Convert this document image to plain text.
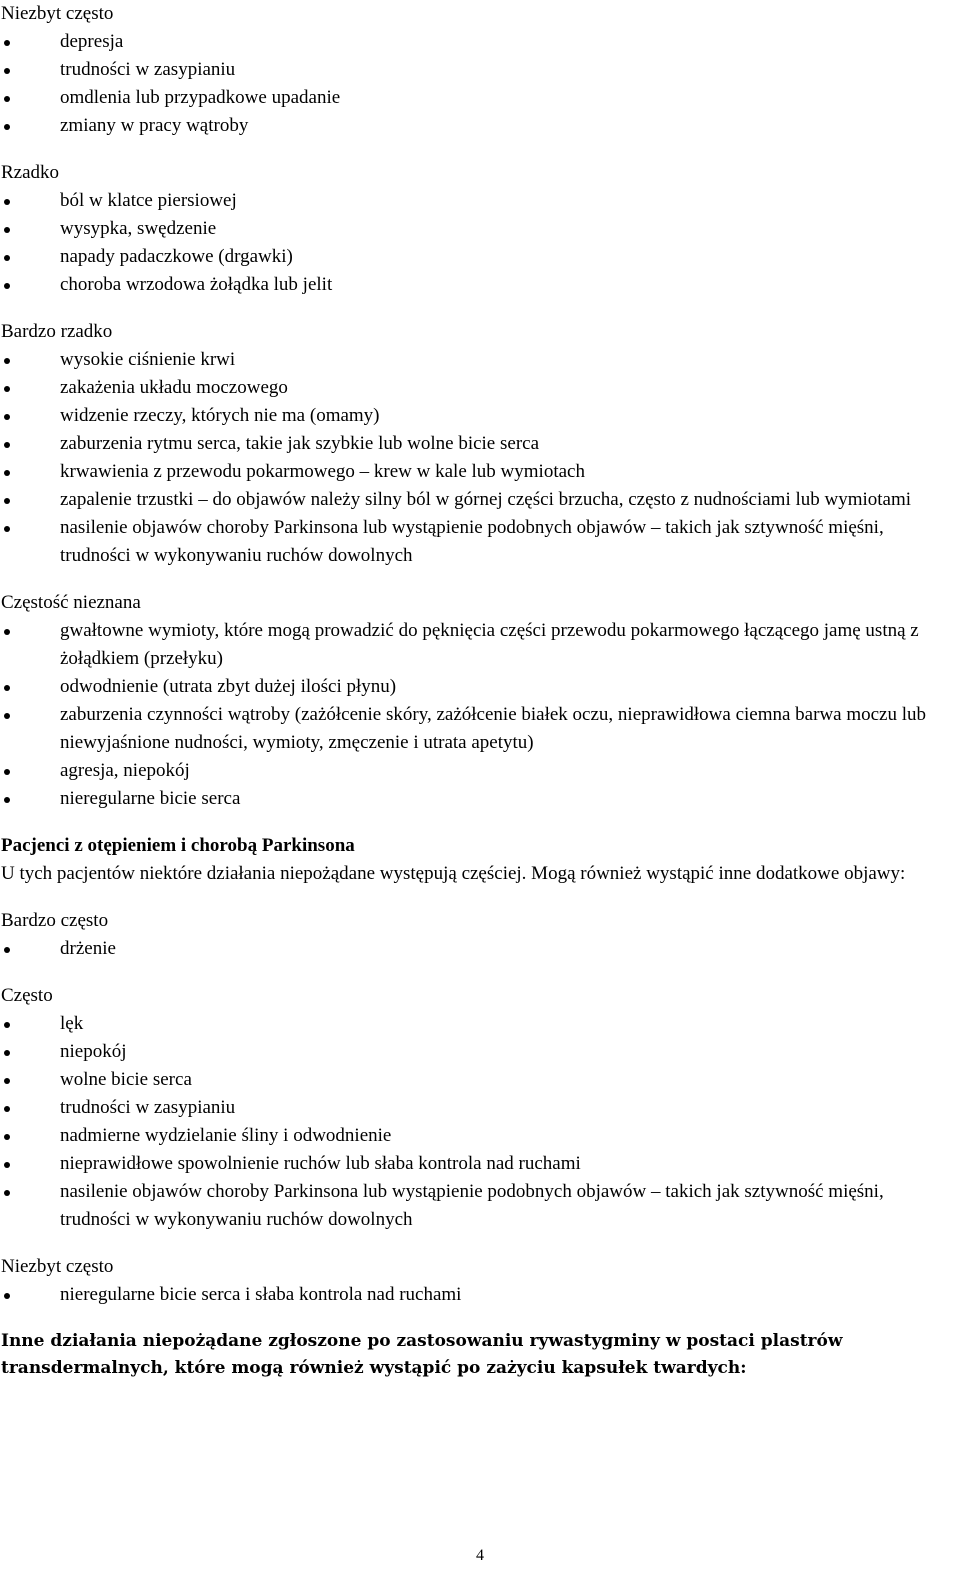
Niezbyt często

depresja
trudności w zasypianiu
omdlenia lub przypadkowe upadanie
zmiany w pracy wątroby

Rzadko

ból w klatce piersiowej
wysypka, swędzenie
napady padaczkowe (drgawki)
choroba wrzodowa żołądka lub jelit

Bardzo rzadko

wysokie ciśnienie krwi
zakażenia układu moczowego
widzenie rzeczy, których nie ma (omamy)
zaburzenia rytmu serca, takie jak szybkie lub wolne bicie serca
krwawienia z przewodu pokarmowego – krew w kale lub wymiotach
zapalenie trzustki – do objawów należy silny ból w górnej części brzucha, często z nudnościami lub wymiotami
nasilenie objawów choroby Parkinsona lub wystąpienie podobnych objawów – takich jak sztywność mięśni, trudności w wykonywaniu ruchów dowolnych

Częstość nieznana

gwałtowne wymioty, które mogą prowadzić do pęknięcia części przewodu pokarmowego łączącego jamę ustną z żołądkiem (przełyku)
odwodnienie (utrata zbyt dużej ilości płynu)
zaburzenia czynności wątroby (zażółcenie skóry, zażółcenie białek oczu, nieprawidłowa ciemna barwa moczu lub niewyjaśnione nudności, wymioty, zmęczenie i utrata apetytu)
agresja, niepokój
nieregularne bicie serca

Pacjenci z otępieniem i chorobą Parkinsona

U tych pacjentów niektóre działania niepożądane występują częściej. Mogą również wystąpić inne dodatkowe objawy:

Bardzo często

drżenie

Często

lęk
niepokój
wolne bicie serca
trudności w zasypianiu
nadmierne wydzielanie śliny i odwodnienie
nieprawidłowe spowolnienie ruchów lub słaba kontrola nad ruchami
nasilenie objawów choroby Parkinsona lub wystąpienie podobnych objawów – takich jak sztywność mięśni, trudności w wykonywaniu ruchów dowolnych

Niezbyt często

nieregularne bicie serca i słaba kontrola nad ruchami

Inne działania niepożądane zgłoszone po zastosowaniu rywastygminy w postaci plastrów transdermalnych, które mogą również wystąpić po zażyciu kapsułek twardych:

4
